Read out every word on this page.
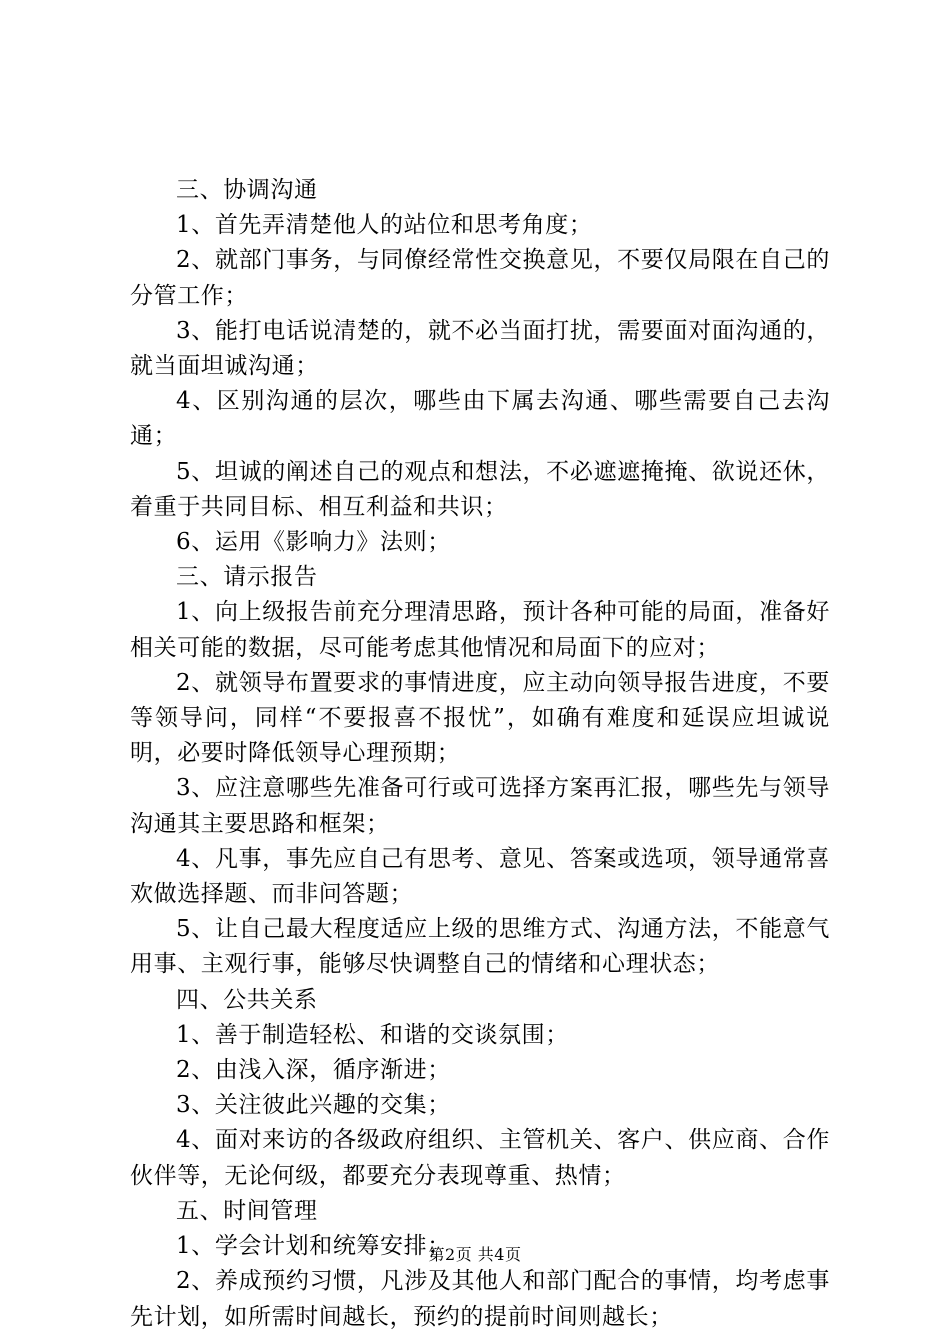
三、协调沟通

1、首先弄清楚他人的站位和思考角度；

2、就部门事务，与同僚经常性交换意见，不要仅局限在自己的分管工作；

3、能打电话说清楚的，就不必当面打扰，需要面对面沟通的，就当面坦诚沟通；

4、区别沟通的层次，哪些由下属去沟通、哪些需要自己去沟通；

5、坦诚的阐述自己的观点和想法，不必遮遮掩掩、欲说还休，着重于共同目标、相互利益和共识；

6、运用《影响力》法则；

三、请示报告

1、向上级报告前充分理清思路，预计各种可能的局面，准备好相关可能的数据，尽可能考虑其他情况和局面下的应对；

2、就领导布置要求的事情进度，应主动向领导报告进度，不要等领导问，同样“不要报喜不报忧”，如确有难度和延误应坦诚说明，必要时降低领导心理预期；

3、应注意哪些先准备可行或可选择方案再汇报，哪些先与领导沟通其主要思路和框架；

4、凡事，事先应自己有思考、意见、答案或选项，领导通常喜欢做选择题、而非问答题；

5、让自己最大程度适应上级的思维方式、沟通方法，不能意气用事、主观行事，能够尽快调整自己的情绪和心理状态；

四、公共关系

1、善于制造轻松、和谐的交谈氛围；

2、由浅入深，循序渐进；

3、关注彼此兴趣的交集；

4、面对来访的各级政府组织、主管机关、客户、供应商、合作伙伴等，无论何级，都要充分表现尊重、热情；

五、时间管理

1、学会计划和统筹安排；

2、养成预约习惯，凡涉及其他人和部门配合的事情，均考虑事先计划，如所需时间越长，预约的提前时间则越长；

第2页 共4页
